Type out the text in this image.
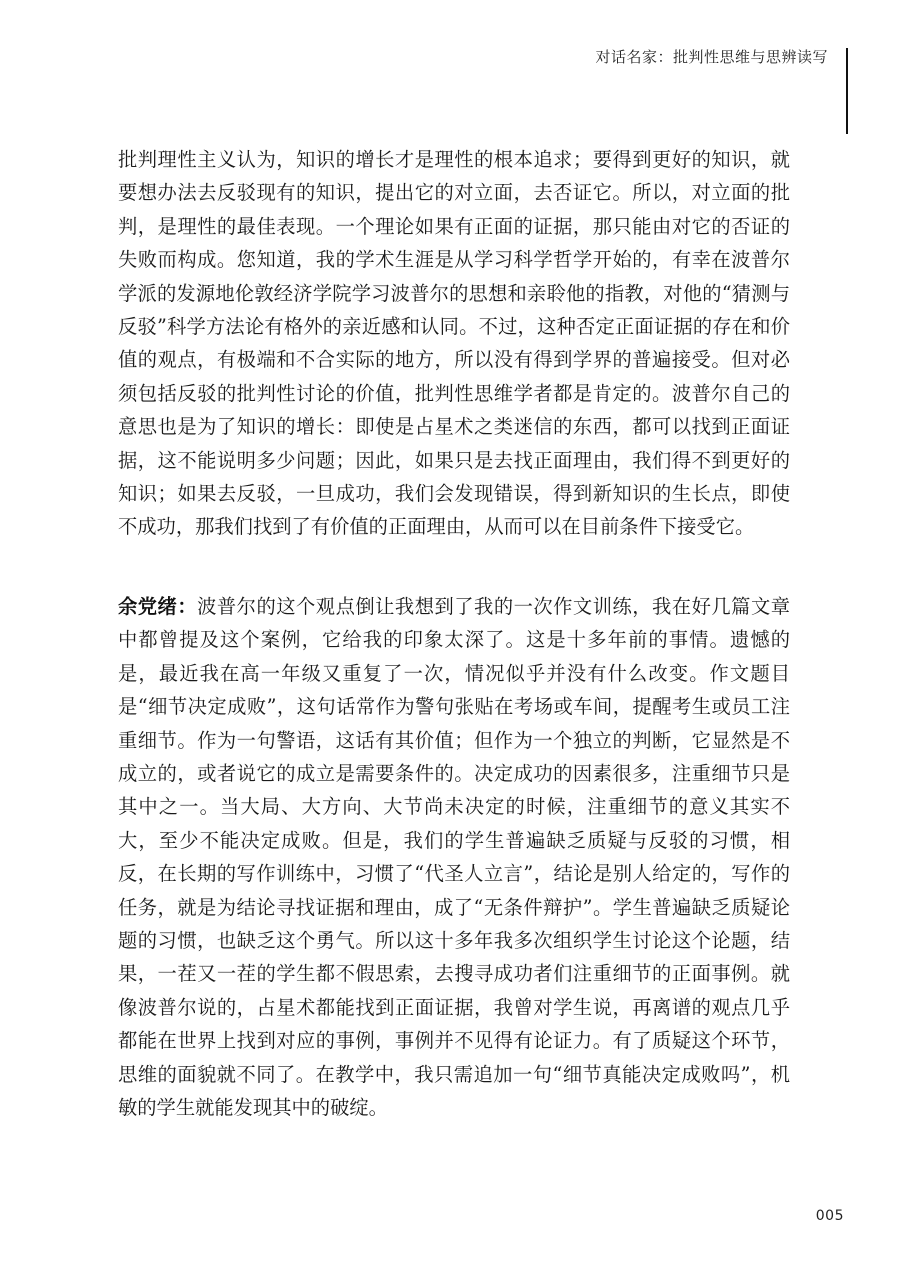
对话名家：批判性思维与思辨读写

批判理性主义认为，知识的增长才是理性的根本追求；要得到更好的知识，就要想办法去反驳现有的知识，提出它的对立面，去否证它。所以，对立面的批判，是理性的最佳表现。一个理论如果有正面的证据，那只能由对它的否证的失败而构成。您知道，我的学术生涯是从学习科学哲学开始的，有幸在波普尔学派的发源地伦敦经济学院学习波普尔的思想和亲聆他的指教，对他的“猜测与反驳”科学方法论有格外的亲近感和认同。不过，这种否定正面证据的存在和价值的观点，有极端和不合实际的地方，所以没有得到学界的普遍接受。但对必须包括反驳的批判性讨论的价值，批判性思维学者都是肯定的。波普尔自己的意思也是为了知识的增长：即使是占星术之类迷信的东西，都可以找到正面证据，这不能说明多少问题；因此，如果只是去找正面理由，我们得不到更好的知识；如果去反驳，一旦成功，我们会发现错误，得到新知识的生长点，即使不成功，那我们找到了有价值的正面理由，从而可以在目前条件下接受它。

余党绪：波普尔的这个观点倒让我想到了我的一次作文训练，我在好几篇文章中都曾提及这个案例，它给我的印象太深了。这是十多年前的事情。遗憾的是，最近我在高一年级又重复了一次，情况似乎并没有什么改变。作文题目是“细节决定成败”，这句话常作为警句张贴在考场或车间，提醒考生或员工注重细节。作为一句警语，这话有其价值；但作为一个独立的判断，它显然是不成立的，或者说它的成立是需要条件的。决定成功的因素很多，注重细节只是其中之一。当大局、大方向、大节尚未决定的时候，注重细节的意义其实不大，至少不能决定成败。但是，我们的学生普遍缺乏质疑与反驳的习惯，相反，在长期的写作训练中，习惯了“代圣人立言”，结论是别人给定的，写作的任务，就是为结论寻找证据和理由，成了“无条件辩护”。学生普遍缺乏质疑论题的习惯，也缺乏这个勇气。所以这十多年我多次组织学生讨论这个论题，结果，一茬又一茬的学生都不假思索，去搜寻成功者们注重细节的正面事例。就像波普尔说的，占星术都能找到正面证据，我曾对学生说，再离谱的观点几乎都能在世界上找到对应的事例，事例并不见得有论证力。有了质疑这个环节，思维的面貌就不同了。在教学中，我只需追加一句“细节真能决定成败吗”，机敏的学生就能发现其中的破绽。

005
